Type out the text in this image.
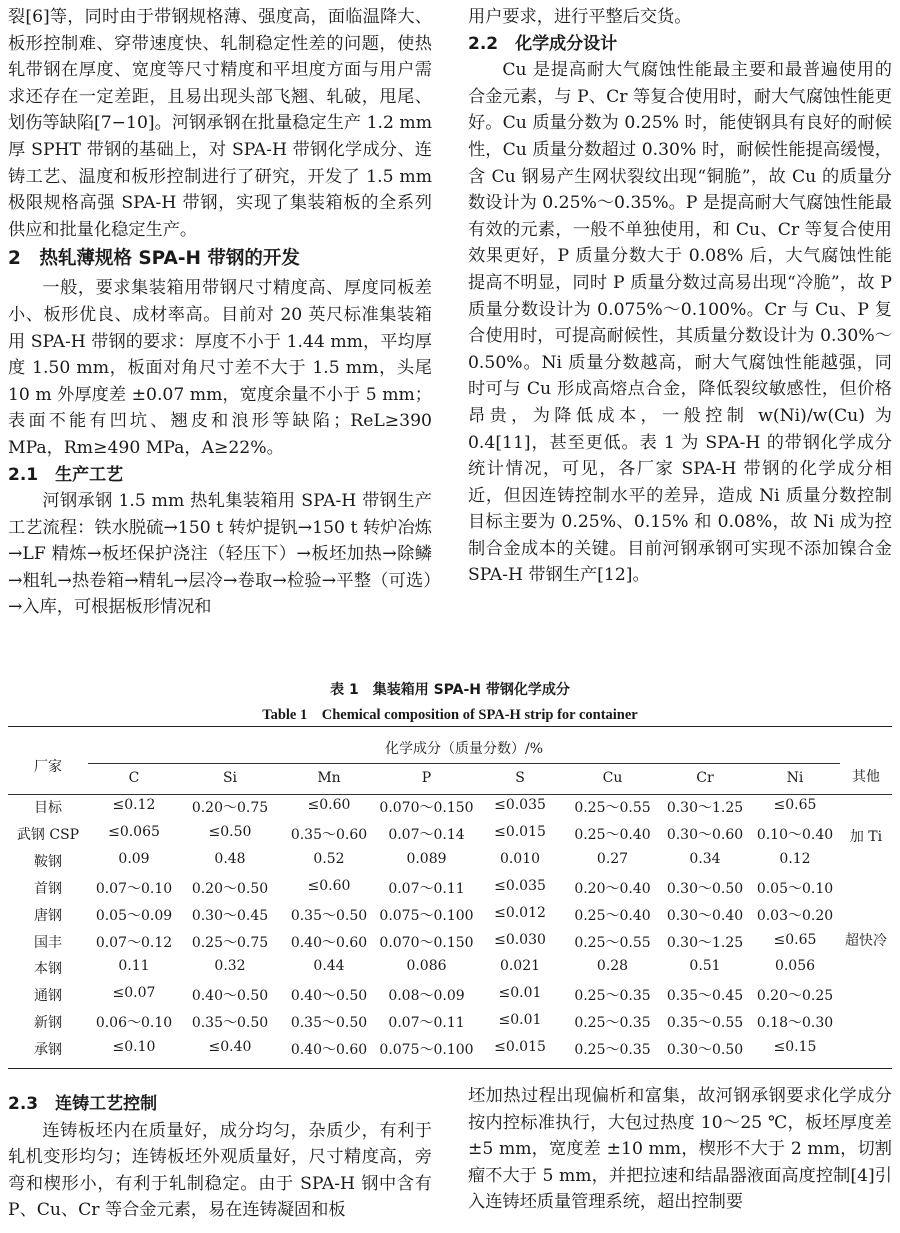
裂[6]等，同时由于带钢规格薄、强度高，面临温降大、板形控制难、穿带速度快、轧制稳定性差的问题，使热轧带钢在厚度、宽度等尺寸精度和平坦度方面与用户需求还存在一定差距，且易出现头部飞翘、轧破，甩尾、划伤等缺陷[7−10]。河钢承钢在批量稳定生产 1.2 mm 厚 SPHT 带钢的基础上，对 SPA-H 带钢化学成分、连铸工艺、温度和板形控制进行了研究，开发了 1.5 mm 极限规格高强 SPA-H 带钢，实现了集装箱板的全系列供应和批量化稳定生产。

2　热轧薄规格 SPA-H 带钢的开发

一般，要求集装箱用带钢尺寸精度高、厚度同板差小、板形优良、成材率高。目前对 20 英尺标准集装箱用 SPA-H 带钢的要求：厚度不小于 1.44 mm，平均厚度 1.50 mm，板面对角尺寸差不大于 1.5 mm，头尾 10 m 外厚度差 ±0.07 mm，宽度余量不小于 5 mm；表面不能有凹坑、翘皮和浪形等缺陷；ReL≥390 MPa，Rm≥490 MPa，A≥22%。

2.1　生产工艺

河钢承钢 1.5 mm 热轧集装箱用 SPA-H 带钢生产工艺流程：铁水脱硫→150 t 转炉提钒→150 t 转炉冶炼→LF 精炼→板坯保护浇注（轻压下）→板坯加热→除鳞→粗轧→热卷箱→精轧→层冷→卷取→检验→平整（可选）→入库，可根据板形情况和

用户要求，进行平整后交货。

2.2　化学成分设计

Cu 是提高耐大气腐蚀性能最主要和最普遍使用的合金元素，与 P、Cr 等复合使用时，耐大气腐蚀性能更好。Cu 质量分数为 0.25% 时，能使钢具有良好的耐候性，Cu 质量分数超过 0.30% 时，耐候性能提高缓慢，含 Cu 钢易产生网状裂纹出现“铜脆”，故 Cu 的质量分数设计为 0.25%～0.35%。P 是提高耐大气腐蚀性能最有效的元素，一般不单独使用，和 Cu、Cr 等复合使用效果更好，P 质量分数大于 0.08% 后，大气腐蚀性能提高不明显，同时 P 质量分数过高易出现“冷脆”，故 P 质量分数设计为 0.075%～0.100%。Cr 与 Cu、P 复合使用时，可提高耐候性，其质量分数设计为 0.30%～0.50%。Ni 质量分数越高，耐大气腐蚀性能越强，同时可与 Cu 形成高熔点合金，降低裂纹敏感性，但价格昂贵，为降低成本，一般控制 w(Ni)/w(Cu) 为 0.4[11]，甚至更低。表 1 为 SPA-H 的带钢化学成分统计情况，可见，各厂家 SPA-H 带钢的化学成分相近，但因连铸控制水平的差异，造成 Ni 质量分数控制目标主要为 0.25%、0.15% 和 0.08%，故 Ni 成为控制合金成本的关键。目前河钢承钢可实现不添加镍合金 SPA-H 带钢生产[12]。

表 1　集装箱用 SPA-H 带钢化学成分
Table 1　Chemical composition of SPA-H strip for container
2.3　连铸工艺控制

连铸板坯内在质量好，成分均匀，杂质少，有利于轧机变形均匀；连铸板坯外观质量好，尺寸精度高，旁弯和楔形小，有利于轧制稳定。由于 SPA-H 钢中含有 P、Cu、Cr 等合金元素，易在连铸凝固和板

坯加热过程出现偏析和富集，故河钢承钢要求化学成分按内控标准执行，大包过热度 10～25 ℃，板坯厚度差 ±5 mm，宽度差 ±10 mm，楔形不大于 2 mm，切割瘤不大于 5 mm，并把拉速和结晶器液面高度控制[4]引入连铸坯质量管理系统，超出控制要

厂家
化学成分（质量分数）/%
C	Si	Mn	P	S	Cu	Cr	Ni	其他
目标	≤0.12	0.20～0.75	≤0.60	0.070～0.150	≤0.035	0.25～0.55	0.30～1.25	≤0.65
武钢 CSP	≤0.065	≤0.50	0.35～0.60	0.07～0.14	≤0.015	0.25～0.40	0.30～0.60 0.10～0.40	加 Ti
鞍钢	0.09	0.48	0.52	0.089	0.010	0.27	0.34	0.12
首钢	0.07～0.10	0.20～0.50	≤0.60	0.07～0.11	≤0.035	0.20～0.40	0.30～0.50 0.05～0.10
唐钢	0.05～0.09	0.30～0.45	0.35～0.50 0.075～0.100	≤0.012	0.25～0.40	0.30～0.40 0.03～0.20
国丰	0.07～0.12	0.25～0.75	0.40～0.60 0.070～0.150	≤0.030	0.25～0.55	0.30～1.25	≤0.65	超快冷
本钢	0.11	0.32	0.44	0.086	0.021	0.28	0.51	0.056
通钢	≤0.07	0.40～0.50	0.40～0.50	0.08～0.09	≤0.01	0.25～0.35	0.35～0.45 0.20～0.25
新钢	0.06～0.10	0.35～0.50	0.35～0.50	0.07～0.11	≤0.01	0.25～0.35	0.35～0.55 0.18～0.30
承钢	≤0.10	≤0.40	0.40～0.60 0.075～0.100	≤0.015	0.25～0.35	0.30～0.50	≤0.15
